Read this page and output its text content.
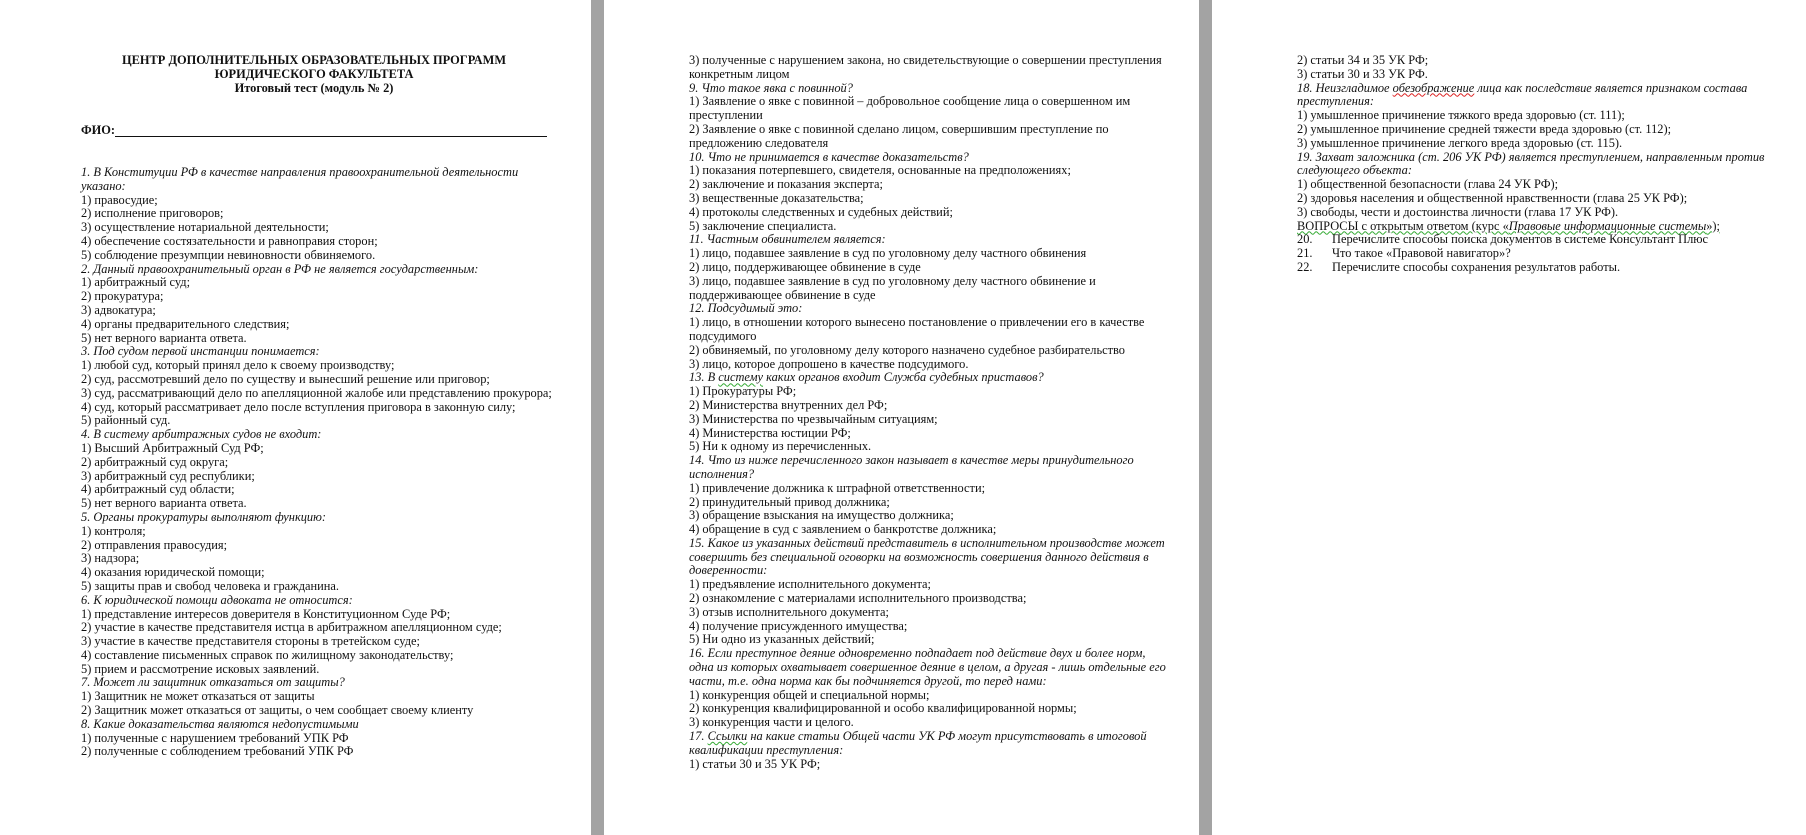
ЦЕНТР ДОПОЛНИТЕЛЬНЫХ ОБРАЗОВАТЕЛЬНЫХ ПРОГРАММ
ЮРИДИЧЕСКОГО ФАКУЛЬТЕТА
Итоговый тест (модуль № 2)
ФИО:
1. В Конституции РФ в качестве направления правоохранительной деятельности
указано:
1) правосудие;
2) исполнение приговоров;
3) осуществление нотариальной деятельности;
4) обеспечение состязательности и равноправия сторон;
5) соблюдение презумпции невиновности обвиняемого.
2. Данный правоохранительный орган в РФ не является государственным:
1) арбитражный суд;
2) прокуратура;
3) адвокатура;
4) органы предварительного следствия;
5) нет верного варианта ответа.
3. Под судом первой инстанции понимается:
1) любой суд, который принял дело к своему производству;
2) суд, рассмотревший дело по существу и вынесший решение или приговор;
3) суд, рассматривающий дело по апелляционной жалобе или представлению прокурора;
4) суд, который рассматривает дело после вступления приговора в законную силу;
5) районный суд.
4. В систему арбитражных судов не входит:
1) Высший Арбитражный Суд РФ;
2) арбитражный суд округа;
3) арбитражный суд республики;
4) арбитражный суд области;
5) нет верного варианта ответа.
5. Органы прокуратуры выполняют функцию:
1) контроля;
2) отправления правосудия;
3) надзора;
4) оказания юридической помощи;
5) защиты прав и свобод человека и гражданина.
6. К юридической помощи адвоката не относится:
1) представление интересов доверителя в Конституционном Суде РФ;
2) участие в качестве представителя истца в арбитражном апелляционном суде;
3) участие в качестве представителя стороны в третейском суде;
4) составление письменных справок по жилищному законодательству;
5) прием и рассмотрение исковых заявлений.
7. Может ли защитник отказаться от защиты?
1) Защитник не может отказаться от защиты
2) Защитник может отказаться от защиты, о чем сообщает своему клиенту
8. Какие доказательства являются недопустимыми
1) полученные с нарушением требований УПК РФ
2) полученные с соблюдением требований УПК РФ
3) полученные с нарушением закона, но свидетельствующие о совершении преступления
конкретным лицом
9. Что такое явка с повинной?
1) Заявление о явке с повинной – добровольное сообщение лица о совершенном им
преступлении
2) Заявление о явке с повинной сделано лицом, совершившим преступление по
предложению следователя
10. Что не принимается в качестве доказательств?
1) показания потерпевшего, свидетеля, основанные на предположениях;
2) заключение и показания эксперта;
3) вещественные доказательства;
4) протоколы следственных и судебных действий;
5) заключение специалиста.
11. Частным обвинителем является:
1) лицо, подавшее заявление в суд по уголовному делу частного обвинения
2) лицо, поддерживающее обвинение в суде
3) лицо, подавшее заявление в суд по уголовному делу частного обвинение и
поддерживающее обвинение в суде
12. Подсудимый это:
1) лицо, в отношении которого вынесено постановление о привлечении его в качестве
подсудимого
2) обвиняемый, по уголовному делу которого назначено судебное разбирательство
3) лицо, которое допрошено в качестве подсудимого.
13. В систему каких органов входит Служба судебных приставов?
1) Прокуратуры РФ;
2) Министерства внутренних дел РФ;
3) Министерства по чрезвычайным ситуациям;
4) Министерства юстиции РФ;
5) Ни к одному из перечисленных.
14. Что из ниже перечисленного закон называет в качестве меры принудительного
исполнения?
1) привлечение должника к штрафной ответственности;
2) принудительный привод должника;
3) обращение взыскания на имущество должника;
4) обращение в суд с заявлением о банкротстве должника;
15. Какое из указанных действий представитель в исполнительном производстве может
совершить без специальной оговорки на возможность совершения данного действия в
доверенности:
1) предъявление исполнительного документа;
2) ознакомление с материалами исполнительного производства;
3) отзыв исполнительного документа;
4) получение присужденного имущества;
5) Ни одно из указанных действий;
16. Если преступное деяние одновременно подпадает под действие двух и более норм,
одна из которых охватывает совершенное деяние в целом, а другая - лишь отдельные его
части, т.е. одна норма как бы подчиняется другой, то перед нами:
1) конкуренция общей и специальной нормы;
2) конкуренция квалифицированной и особо квалифицированной нормы;
3) конкуренция части и целого.
17. Ссылки на какие статьи Общей части УК РФ могут присутствовать в итоговой
квалификации преступления:
1) статьи 30 и 35 УК РФ;
2) статьи 34 и 35 УК РФ;
3) статьи 30 и 33 УК РФ.
18. Неизгладимое обезображение лица как последствие является признаком состава
преступления:
1) умышленное причинение тяжкого вреда здоровью (ст. 111);
2) умышленное причинение средней тяжести вреда здоровью (ст. 112);
3) умышленное причинение легкого вреда здоровью (ст. 115).
19. Захват заложника (ст. 206 УК РФ) является преступлением, направленным против
следующего объекта:
1) общественной безопасности (глава 24 УК РФ);
2) здоровья населения и общественной нравственности (глава 25 УК РФ);
3) свободы, чести и достоинства личности (глава 17 УК РФ).
ВОПРОСЫ с открытым ответом (курс «Правовые информационные системы»);
20. Перечислите способы поиска документов в системе Консультант Плюс
21. Что такое «Правовой навигатор»?
22. Перечислите способы сохранения результатов работы.
